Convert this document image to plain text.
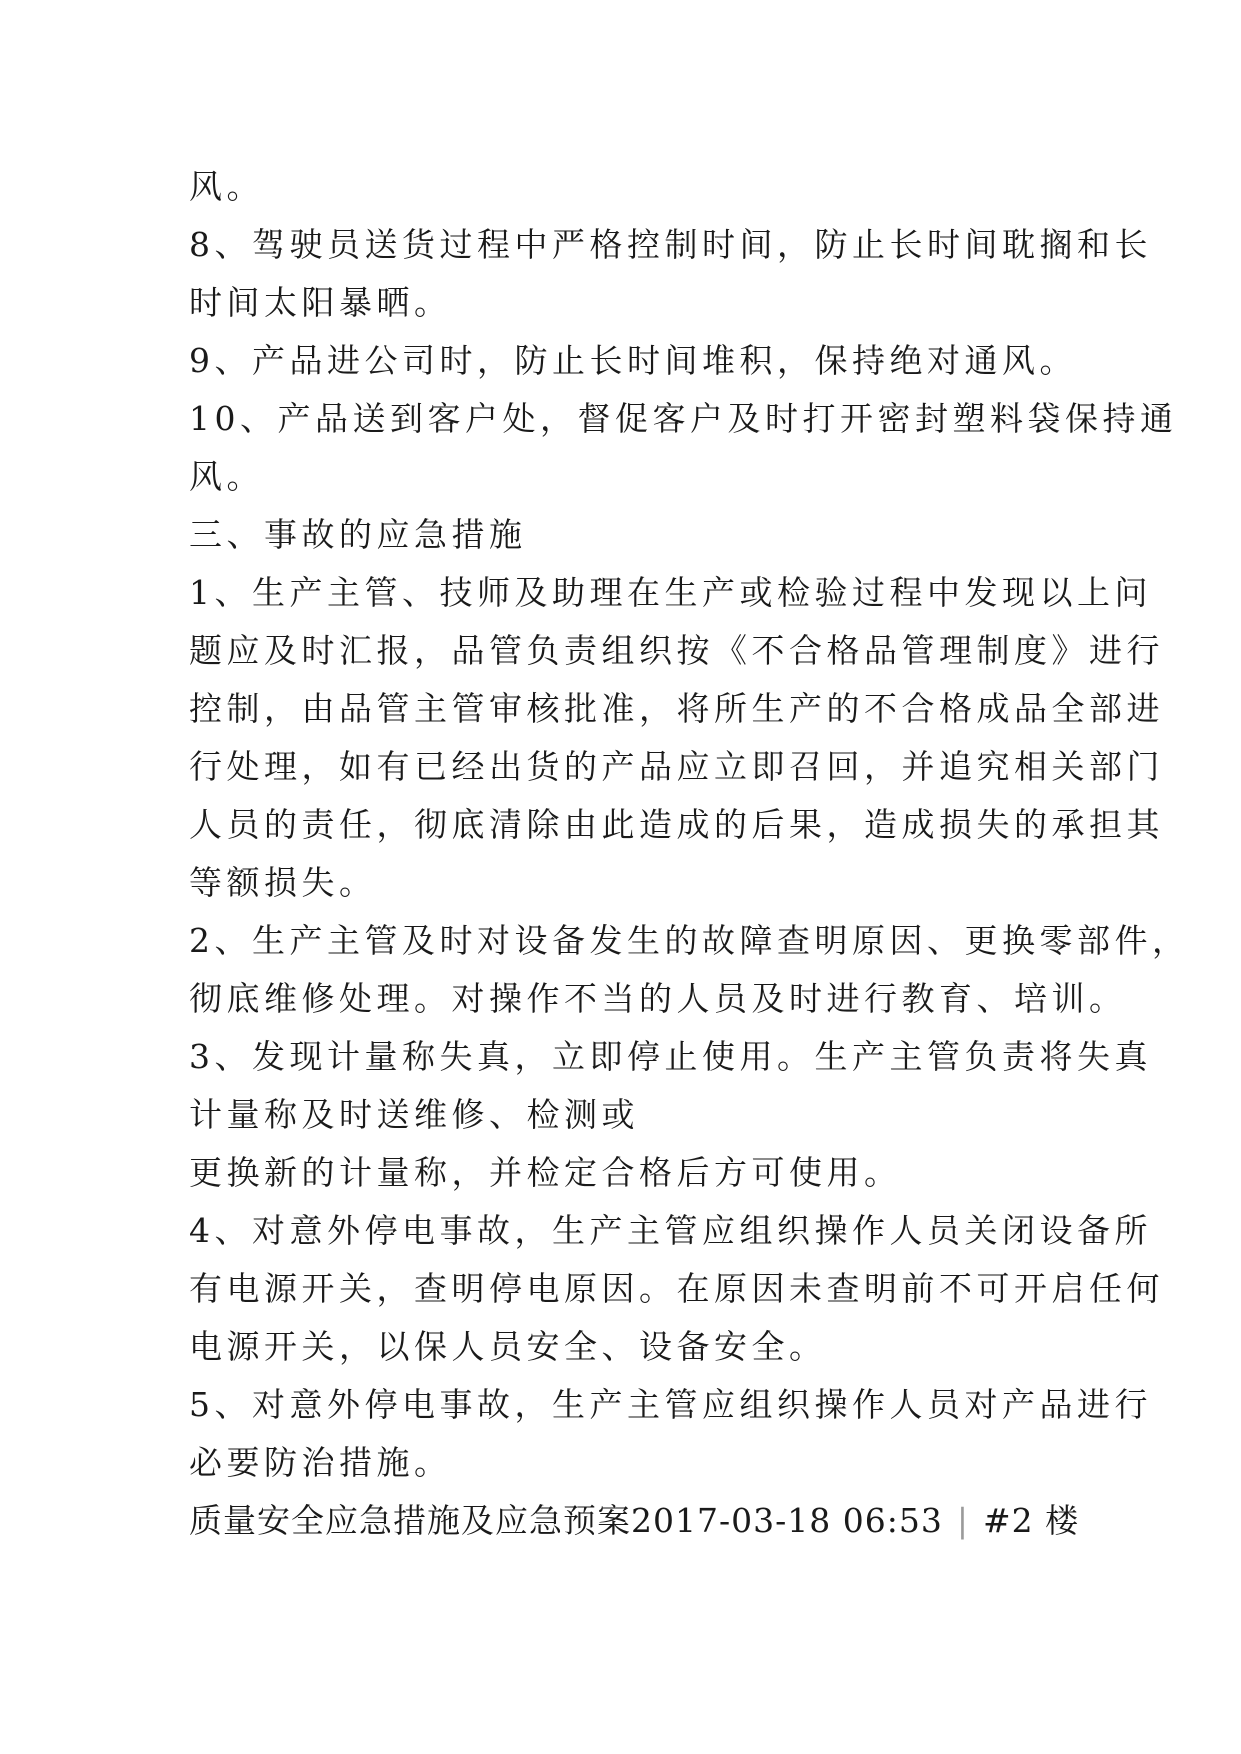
风。

8、驾驶员送货过程中严格控制时间，防止长时间耽搁和长

时间太阳暴晒。

9、产品进公司时，防止长时间堆积，保持绝对通风。

10、产品送到客户处，督促客户及时打开密封塑料袋保持通

风。

三、事故的应急措施

1、生产主管、技师及助理在生产或检验过程中发现以上问

题应及时汇报，品管负责组织按《不合格品管理制度》进行

控制，由品管主管审核批准，将所生产的不合格成品全部进

行处理，如有已经出货的产品应立即召回，并追究相关部门

人员的责任，彻底清除由此造成的后果，造成损失的承担其

等额损失。

2、生产主管及时对设备发生的故障查明原因、更换零部件，

彻底维修处理。对操作不当的人员及时进行教育、培训。

3、发现计量称失真，立即停止使用。生产主管负责将失真

计量称及时送维修、检测或

更换新的计量称，并检定合格后方可使用。

4、对意外停电事故，生产主管应组织操作人员关闭设备所

有电源开关，查明停电原因。在原因未查明前不可开启任何

电源开关，以保人员安全、设备安全。

5、对意外停电事故，生产主管应组织操作人员对产品进行

必要防治措施。

质量安全应急措施及应急预案2017-03-18 06:53 | #2 楼
